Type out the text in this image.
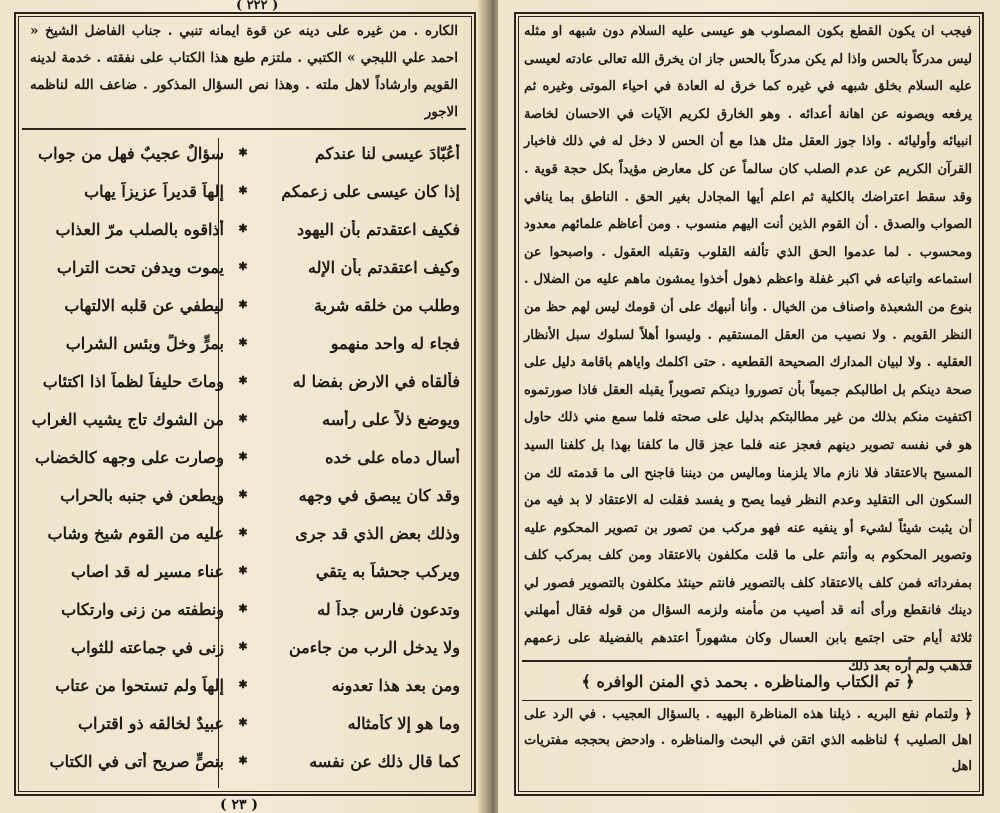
( ٢٢٢ )
الكاره . من غيره على دينه عن قوة ايمانه تنبي . جناب الفاضل الشيخ « احمد علي اللبجي » الكتبي . ملتزم طبع هذا الكتاب على نفقته . خدمة لدينه القويم وارشاداً لاهل ملته . وهذا نص السؤال المذكور . ضاعف الله لناظمه الاجور
أعُبّادَ عيسى لنا عندكم
✱
سؤالٌ عجيبٌ فهل من جواب
إذا كان عيسى على زعمكم
✱
إلهاً قديراً عزيزاً يهاب
فكيف اعتقدتم بأن اليهود
✱
أذاقوه بالصلب مرّ العذاب
وكيف اعتقدتم بأن الإله
✱
يموت ويدفن تحت التراب
وطلب من خلقه شربة
✱
ليطفي عن قلبه الالتهاب
فجاء له واحد منهمو
✱
بمرٍّ وخلٍّ وبئس الشراب
فألقاه في الارض بفضا له
✱
وماتَ حليفاً لظماً اذا اكتئاب
ويوضع ذلاً على رأسه
✱
من الشوك تاج يشيب الغراب
أسال دماه على خده
✱
وصارت على وجهه كالخضاب
وقد كان يبصق في وجهه
✱
ويطعن في جنبه بالحراب
وذلك بعض الذي قد جرى
✱
عليه من القوم شيخ وشاب
ويركب جحشاً به يتقي
✱
عناء مسير له قد اصاب
وتدعون فارس جداً له
✱
ونطفته من زنى وارتكاب
ولا يدخل الرب من جاءمن
✱
زنى في جماعته للثواب
ومن بعد هذا تعدونه
✱
إلهاً ولم تستحوا من عتاب
وما هو إلا كأمثاله
✱
عبيدٌ لخالقه ذو اقتراب
كما قال ذلك عن نفسه
✱
بنصٍّ صريح أتى في الكتاب
( ٢٣ )
فيجب ان يكون القطع بكون المصلوب هو عيسى عليه السلام دون شبهه او مثله ليس مدركاً بالحس واذا لم يكن مدركاً بالحس جاز ان يخرق الله تعالى عادته لعيسى عليه السلام بخلق شبهه في غيره كما خرق له العادة في احياء الموتى وغيره ثم يرفعه ويصونه عن اهانة أعدائه . وهو الخارق لكريم الآيات في الاحسان لخاصة انبيائه وأوليائه . واذا جوز العقل مثل هذا مع أن الحس لا دخل له في ذلك فاخبار القرآن الكريم عن عدم الصلب كان سالماً عن كل معارض مؤيداً بكل حجة قوية . وقد سقط اعتراضك بالكلية ثم اعلم أيها المجادل بغير الحق . الناطق بما ينافي الصواب والصدق . أن القوم الذين أنت اليهم منسوب . ومن أعاظم علمائهم معدود ومحسوب . لما عدموا الحق الذي تألفه القلوب وتقبله العقول . واصبحوا عن استماعه واتباعه في اكبر غفلة واعظم ذهول أخذوا يمشون ماهم عليه من الضلال . بنوع من الشعبذة واصناف من الخيال . وأنا أنبهك على أن قومك ليس لهم حظ من النظر القويم . ولا نصيب من العقل المستقيم . وليسوا أهلاً لسلوك سبل الأنظار العقليه . ولا لبيان المدارك الصحيحة القطعيه . حتى اكلمك واياهم باقامة دليل على صحة دينكم بل اطالبكم جميعاً بأن تصوروا دينكم تصويراً يقبله العقل فاذا صورتموه اكتفيت منكم بذلك من غير مطالبتكم بدليل على صحته فلما سمع مني ذلك حاول هو في نفسه تصوير دينهم فعجز عنه فلما عجز قال ما كلفنا بهذا بل كلفنا السيد المسيح بالاعتقاد فلا نازم مالا يلزمنا وماليس من ديننا فاجنح الى ما قدمته لك من السكون الى التقليد وعدم النظر فيما يصح و يفسد فقلت له الاعتقاد لا بد فيه من أن يثبت شيئاً لشيء أو ينفيه عنه فهو مركب من تصور بن تصوير المحكوم عليه وتصوير المحكوم به وأنتم على ما قلت مكلفون بالاعتقاد ومن كلف بمركب كلف بمفرداته فمن كلف بالاعتقاد كلف بالتصوير فانتم حينئذ مكلفون بالتصوير فصور لي دينك فانقطع ورأى أنه قد أصيب من مأمنه ولزمه السؤال من قوله فقال أمهلني ثلاثة أيام حتى اجتمع بابن العسال وكان مشهوراً اعتدهم بالفضيلة على زعمهم فذهب ولم أره بعد ذلك
﴿ تم الكتاب والمناظره . بحمد ذي المنن الوافره ﴾
﴿ ولتمام نفع البريه . ذيلنا هذه المناظرة البهيه . بالسؤال العجيب . في الرد على اهل الصليب ﴾ لناظمه الذي اتقن في البحث والمناظره . وادحض بحججه مفتريات اهل
